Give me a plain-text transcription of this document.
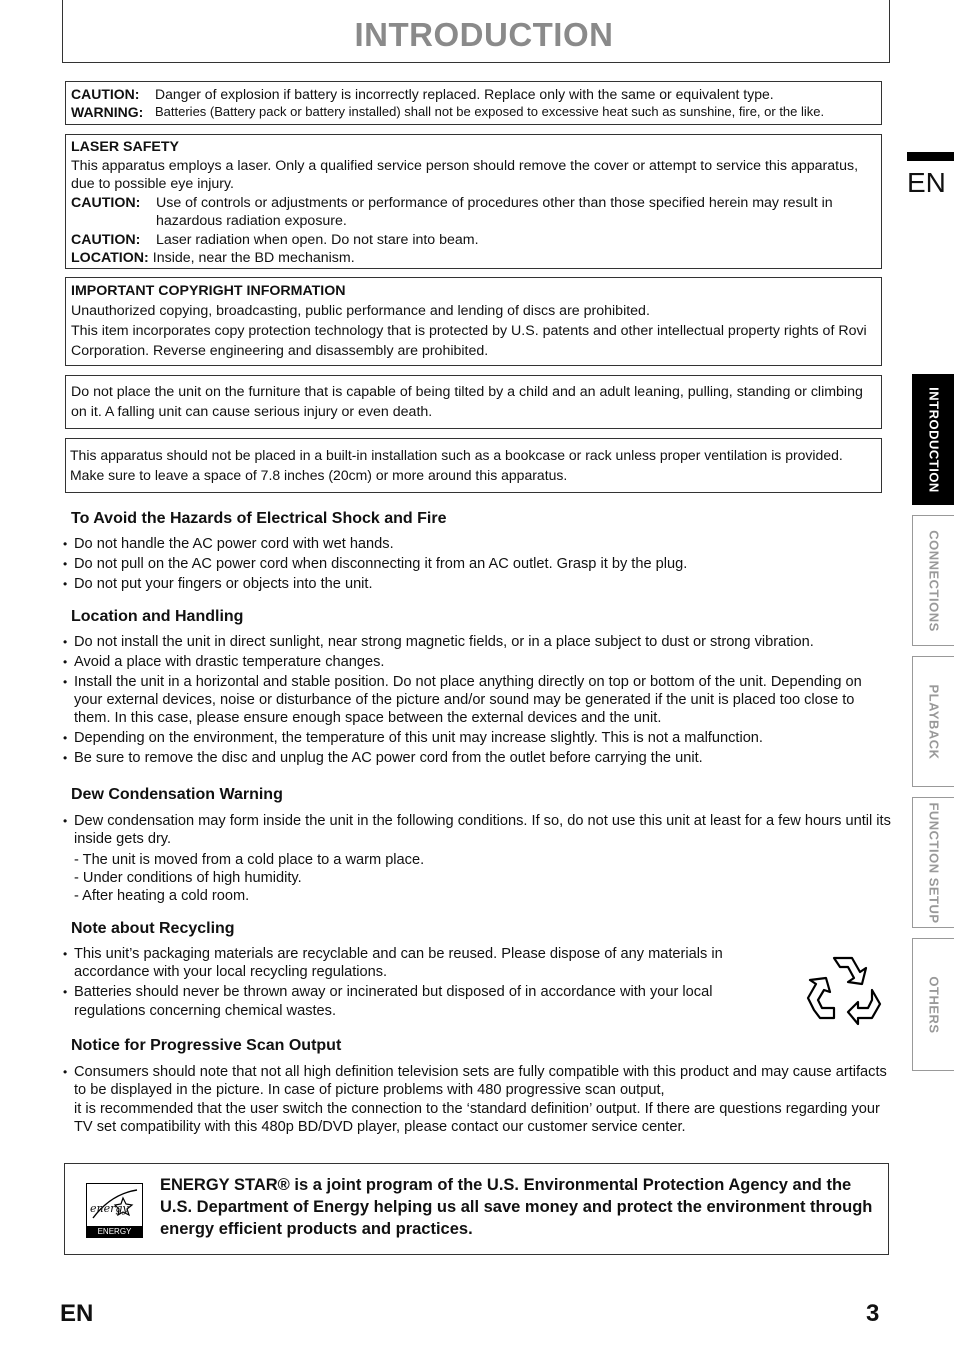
INTRODUCTION
CAUTION:	Danger of explosion if battery is incorrectly replaced. Replace only with the same or equivalent type.
WARNING: Batteries (Battery pack or battery installed) shall not be exposed to excessive heat such as sunshine, fire, or the like.
LASER SAFETY
This apparatus employs a laser. Only a qualified service person should remove the cover or attempt to service this apparatus, due to possible eye injury.
CAUTION:	Use of controls or adjustments or performance of procedures other than those specified herein may result in hazardous radiation exposure.
CAUTION:	Laser radiation when open. Do not stare into beam.
LOCATION: Inside, near the BD mechanism.
IMPORTANT COPYRIGHT INFORMATION
Unauthorized copying, broadcasting, public performance and lending of discs are prohibited.
This item incorporates copy protection technology that is protected by U.S. patents and other intellectual property rights of Rovi Corporation. Reverse engineering and disassembly are prohibited.
Do not place the unit on the furniture that is capable of being tilted by a child and an adult leaning, pulling, standing or climbing on it. A falling unit can cause serious injury or even death.
This apparatus should not be placed in a built-in installation such as a bookcase or rack unless proper ventilation is provided. Make sure to leave a space of 7.8 inches (20cm) or more around this apparatus.
To Avoid the Hazards of Electrical Shock and Fire
• Do not handle the AC power cord with wet hands.
• Do not pull on the AC power cord when disconnecting it from an AC outlet. Grasp it by the plug.
• Do not put your fingers or objects into the unit.
Location and Handling
• Do not install the unit in direct sunlight, near strong magnetic fields, or in a place subject to dust or strong vibration.
• Avoid a place with drastic temperature changes.
• Install the unit in a horizontal and stable position. Do not place anything directly on top or bottom of the unit. Depending on your external devices, noise or disturbance of the picture and/or sound may be generated if the unit is placed too close to them. In this case, please ensure enough space between the external devices and the unit.
• Depending on the environment, the temperature of this unit may increase slightly. This is not a malfunction.
• Be sure to remove the disc and unplug the AC power cord from the outlet before carrying the unit.
Dew Condensation Warning
• Dew condensation may form inside the unit in the following conditions. If so, do not use this unit at least for a few hours until its inside gets dry.
- The unit is moved from a cold place to a warm place.
- Under conditions of high humidity.
- After heating a cold room.
Note about Recycling
• This unit’s packaging materials are recyclable and can be reused. Please dispose of any materials in accordance with your local recycling regulations.
• Batteries should never be thrown away or incinerated but disposed of in accordance with your local regulations concerning chemical wastes.
Notice for Progressive Scan Output
• Consumers should note that not all high definition television sets are fully compatible with this product and may cause artifacts to be displayed in the picture. In case of picture problems with 480 progressive scan output,
it is recommended that the user switch the connection to the ‘standard definition’ output. If there are questions regarding your TV set compatibility with this 480p BD/DVD player, please contact our customer service center.
energy
ENERGY STAR
ENERGY STAR® is a joint program of the U.S. Environmental Protection Agency and the U.S. Department of Energy helping us all save money and protect the environment through energy efficient products and practices.
EN
INTRODUCTION
CONNECTIONS
PLAYBACK
FUNCTION SETUP
OTHERS
EN	3
